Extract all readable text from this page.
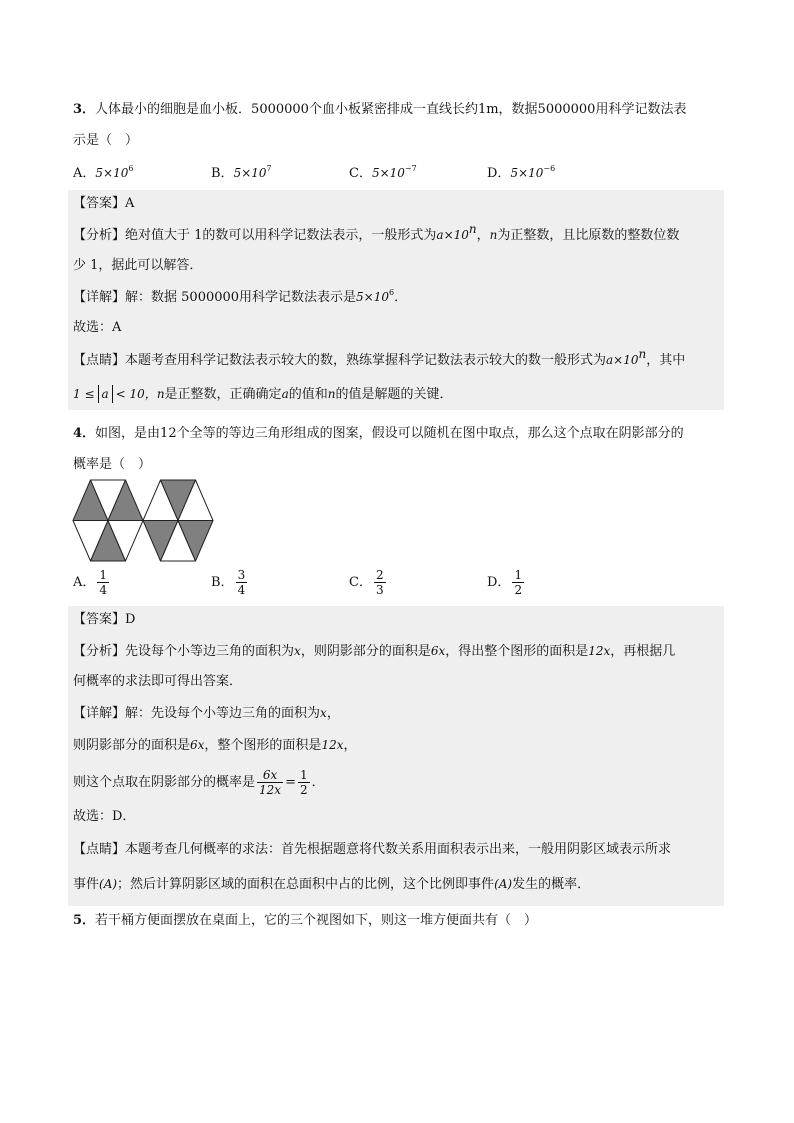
3．人体最小的细胞是血小板．5000000个血小板紧密排成一直线长约1m，数据5000000用科学记数法表
示是（　）
A．$5\times 10^6$	B．$5\times 10^7$	C．$5\times 10^{-7}$	D．$5\times 10^{-6}$
【答案】A
【分析】绝对值大于 1的数可以用科学记数法表示，一般形式为$a\times 10^n$，n为正整数，且比原数的整数位数
少 1，据此可以解答．
【详解】解：数据 5000000用科学记数法表示是$5\times 10^6$．
故选：A
【点睛】本题考查用科学记数法表示较大的数，熟练掌握科学记数法表示较大的数一般形式为$a\times 10^n$，其中
1 ≤ a < 10，n是正整数，正确确定a的值和n的值是解题的关键．
4．如图，是由12个全等的等边三角形组成的图案，假设可以随机在图中取点，那么这个点取在阴影部分的
概率是（　）
A． $\frac{1}{4}$	B． $\frac{3}{4}$	C． $\frac{2}{3}$	D． $\frac{1}{2}$
【答案】D
【分析】先设每个小等边三角的面积为x，则阴影部分的面积是6x，得出整个图形的面积是12x，再根据几
何概率的求法即可得出答案．
【详解】解：先设每个小等边三角的面积为x，
则阴影部分的面积是6x，整个图形的面积是12x，
则这个点取在阴影部分的概率是 $\frac{6x}{12x} = \frac{1}{2}$ ．
故选：D．
【点睛】本题考查几何概率的求法：首先根据题意将代数关系用面积表示出来，一般用阴影区域表示所求
事件(A)；然后计算阴影区域的面积在总面积中占的比例，这个比例即事件(A)发生的概率．
5．若干桶方便面摆放在桌面上，它的三个视图如下，则这一堆方便面共有（　）
